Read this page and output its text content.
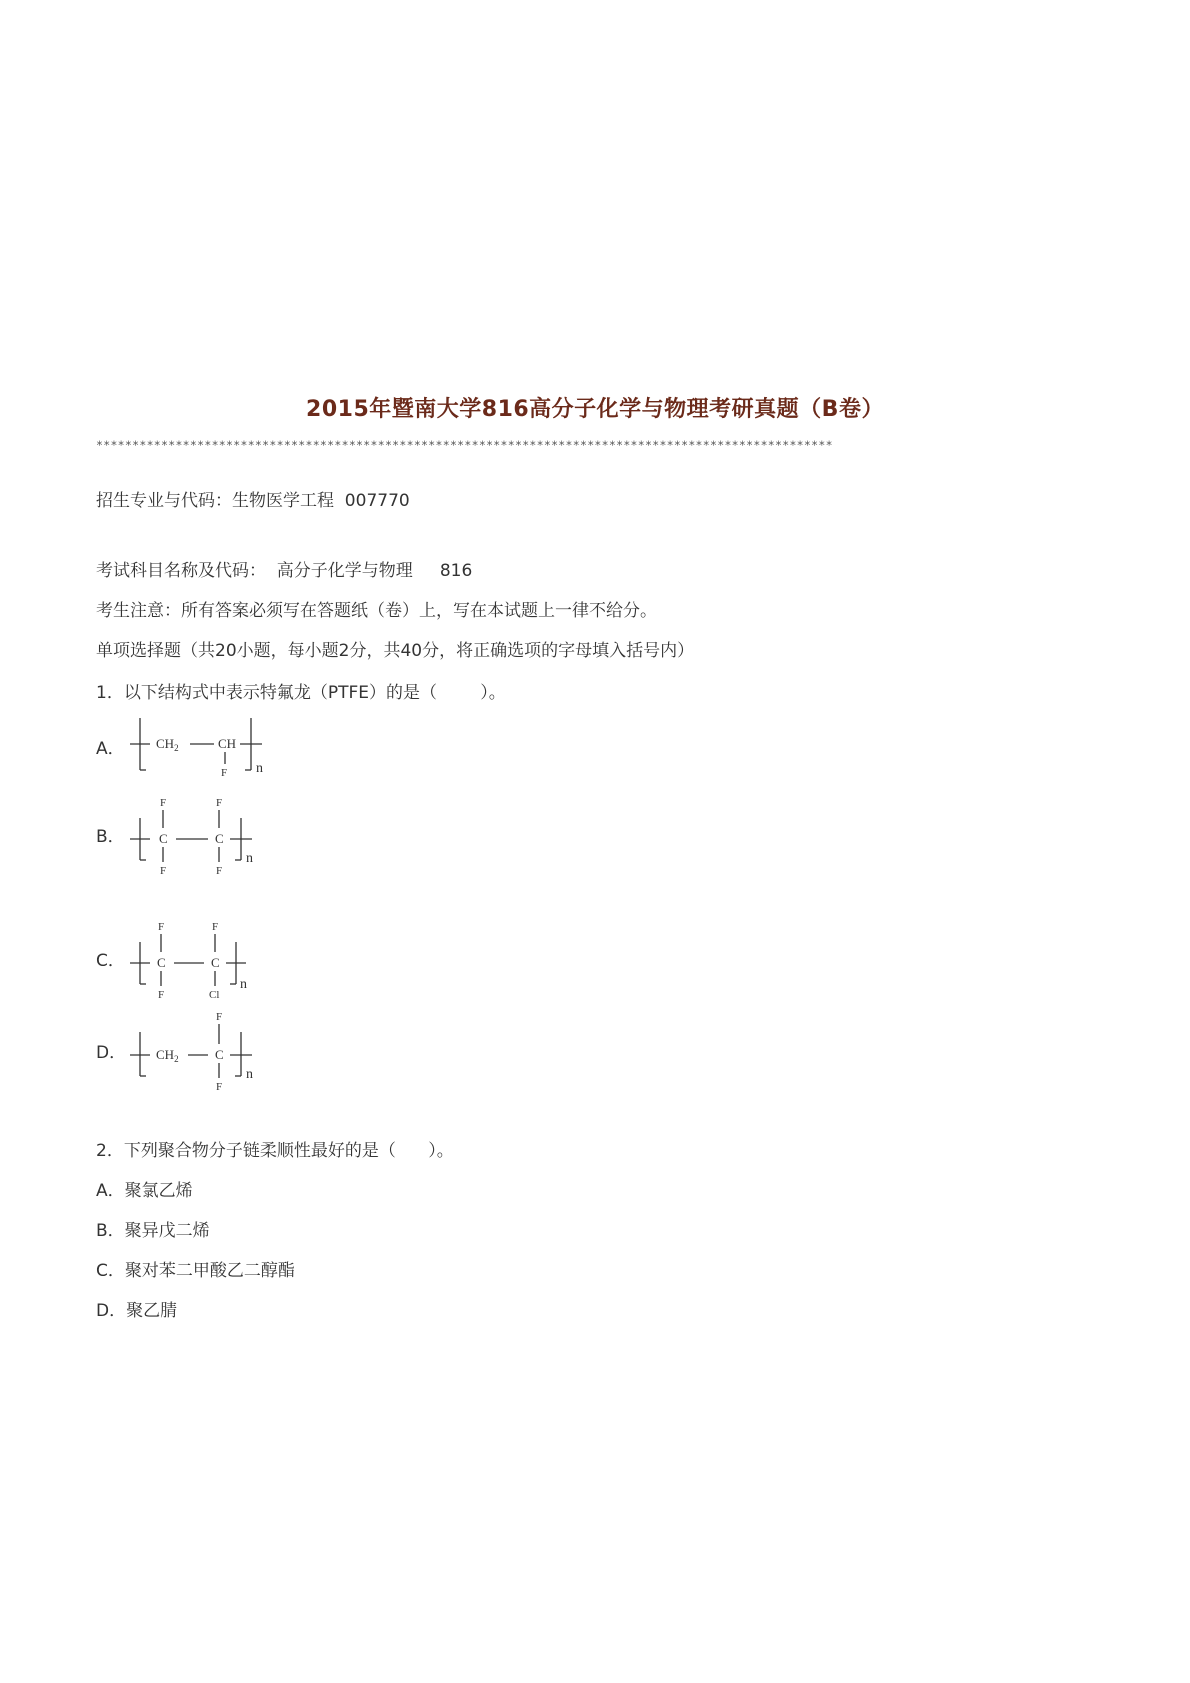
2015年暨南大学816高分子化学与物理考研真题（B卷）
******************************************************************************************************
招生专业与代码：生物医学工程  007770
考试科目名称及代码：  高分子化学与物理     816
考生注意：所有答案必须写在答题纸（卷）上，写在本试题上一律不给分。
单项选择题（共20小题，每小题2分，共40分，将正确选项的字母填入括号内）
1．以下结构式中表示特氟龙（PTFE）的是（        ）。
A． $CH_2$	CH
F n
B．
F
C
F
F
C
F
n
C．
F
C
F
F
C
Cl
n
D． $CH_2$
F
C
F
n
2．下列聚合物分子链柔顺性最好的是（      ）。
A．聚氯乙烯
B．聚异戊二烯
C．聚对苯二甲酸乙二醇酯
D．聚乙腈
